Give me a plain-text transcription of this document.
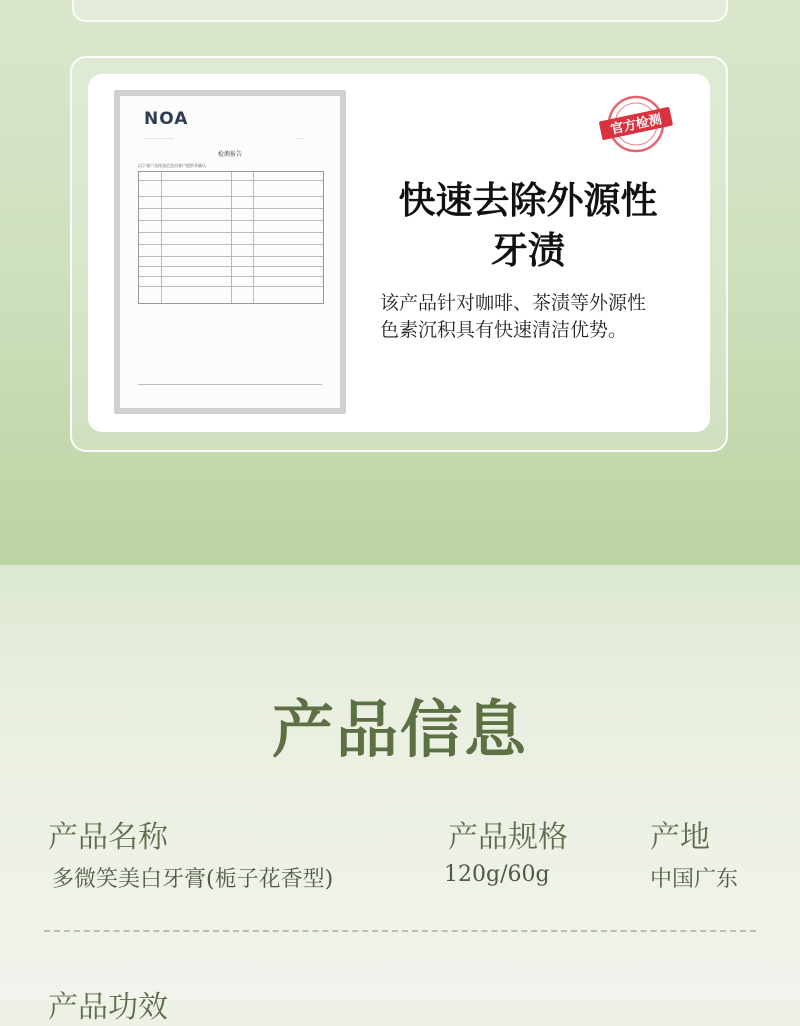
NOA
——————————	———
检测报告
以下客户及样品信息由客户提供并确认
官方检测
快速去除外源性
牙渍
该产品针对咖啡、茶渍等外源性
色素沉积具有快速清洁优势。
产品信息
产品名称	产品规格	产地
多微笑美白牙膏(栀子花香型)	120g/60g	中国广东
产品功效
